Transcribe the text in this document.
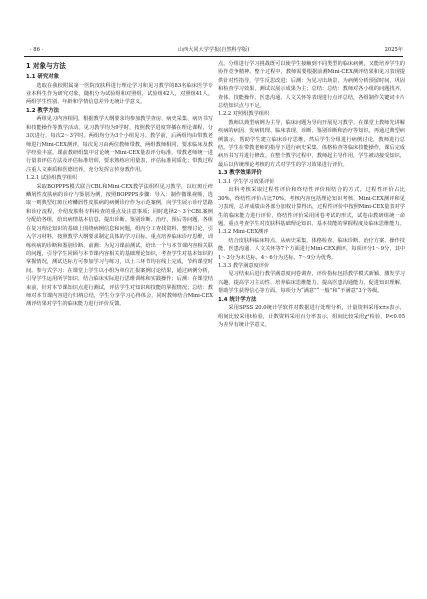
· 86 ·	山西大同大学学报(自然科学版)	2025年
1 对象与方法
1.1 研究对象

选取在我校附属第一医院皮肤科进行理论学习和见习教学的83名临床医学专业本科生作为研究对象，随机分为试验组和对照组，试验组42人，对照组41人。两组学生性别、年龄和学情信息差异无统计学意义。

1.2 教学方法

两组见习内容相同，根据教学大纲要求均参加教学查房、病史采集、病历书写和技能操作等教学活动。见习教学均为9学时，按照教学进度穿插在理论课程，分3次进行，每次2～3学时。两组均分为3个小组见习。教学前，后两组均由带教老师进行Mini-CEX测评。每次见习由两位教师带教，两组教师相同，要求临床及教学经验丰富，课前教研组集中讨论统一Mini-CEX量表评分标准，带教老师统一进行量表评估方法及评估标准培训，要求熟练应用量表，评估标准同质化；带教过程注重人文素质和医德培养，充分发挥言传身教作用。

1.2.1 试验组教学组织

采取BOPPPS模式联合CBL和Mini-CEX教学法组织见习教学，以红斑丘疹鳞屑性皮肤病的诊疗与鉴别为例，按照BOPPPS步骤：导入：制作微课视频，选取一则典型红斑丘疹鳞屑性皮肤病的病例诊疗作为示范案例，向学生展示诊疗思路和诊疗流程，介绍皮肤科专科检查的重点及注意事项；同时选择2～3个CBL案例分配给各组，给出病情基本信息，提出诊断、鉴别诊断、治疗、预后等问题，各组在复习理论知识的基础上围绕病例信息和问题，组内分工查找资料，整理讨论，引入学习材料，按照教学大纲要求制定具体的学习目标。重点培养临床诊疗思维，训练疾病的诊断和鉴别诊断、前测：为见习课前测试，给出一个与本节课内容相关联的问题，引导学生回顾与本节课内容相关的基础理论知识，考查学生对基本知识的掌握情况，测试达标方可参加学习与练习，以上三环节均在线上完成，节约课堂时间。参与式学习：在课堂上学生以小组为单位汇报案例讨论结果，通过病例分析，引导学生运用所学知识，结合临床实际进行思维训练和实践操作；后测：在课堂结束前，针对本节课知识点进行测试，评估学生对知识和技能的掌握情况；总结：教师对本节课内容进行归纳总结，学生分享学习心得体会，同时教师结合Mini-CEX测评结果对学生的临床能力进行评价反馈。

点。分组进行学习挑战既可以使学生接触到不同类型的临床病例，又能培养学生的协作竞争精神。整个过程中，教师需要根据前测Mini-CEX测评结果和见习表现提供针对性指导，学生反思改进；后测：为见习出场景，为病例分析预留时间，巩固和检查学习效果，测试以展示成果为主；总结：总结：教师对各小组的问题找齐，查体、技能操作、医患沟通、人文关怀等表现进行点评总结，各组制作关键词卡片总结知识点与不足。

1.2.2 对照组教学组织

教师以典型病例为主导，临床问题为导向开展见习教学。在课堂上教师先讲解疾病的病因、发病机理、临床表现、诊断、鉴别诊断和治疗等知识，再通过典型病例演示，帮助学生建立临床诊疗思维，然后学生分组进行病例讨论，教师进行总结。学生在带教老师的指导下进行病史采集、体格检查等临床技能操作，课后完成病历书写并进行修改。在整个教学过程中，教师起主导作用，学生被动接受知识，最后以传统理论考核的方式对学生的学习效果进行评价。

1.3 教学效果评价
1.3.1 学生学习效果评价

出科考核采取过程性评价和终结性评价相结合的方式，过程性评价占比30%，终结性评价占比70%。考核内容包括理论知识考核、Mini-CEX测评和见习表现，总评成绩由各部分加权计算得出，过程性评价中按照Mini-CEX量表对学生的临床能力进行评价，终结性评价采用闭卷考试的形式，试卷由教研组统一命题，重点考查学生对皮肤科基础理论知识、基本技能的掌握程度及临床思维能力。

1.3.2 Mini-CEX测评

结合皮肤科临床特点，从病史采集、体格检查、临床诊断、治疗方案、操作技能、医患沟通、人文关怀等7个方面进行Mini-CEX测评，每项评分1～9分，其中1～3分为未达标，4～6分为达标，7～9分为优秀。

1.3.3 教学满意度评价

见习结束后进行教学满意度问卷调查，评价指标包括教学模式新颖、激发学习兴趣、提高学习主动性、培养临床思维能力、提高医患沟通能力、促进知识理解、帮助学生获得信心等方面，每项分为“满意”“一般”和“不满意”3个等级。

1.4 统计学方法

采用SPSS 20.0统计学软件对数据进行处理分析，计量资料采用x±s表示，组间比较采用t检验，计数资料采用百分率表示，组间比较采用χ²检验，P<0.05为差异有统计学意义。
